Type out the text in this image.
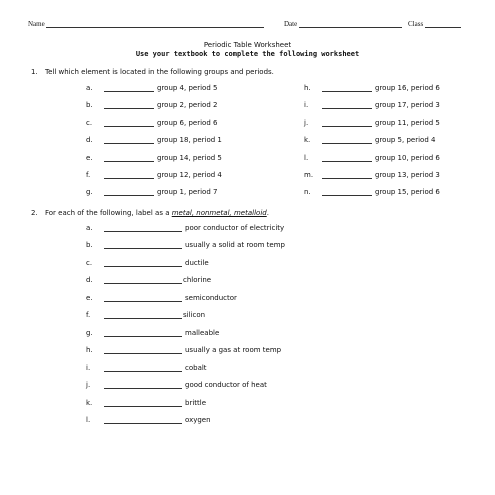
Name	Date	Class
Periodic Table Worksheet
Use your textbook to complete the following worksheet
1. Tell which element is located in the following groups and periods.
a.	group 4, period 5
b.	group 2, period 2
c.	group 6, period 6
d.	group 18, period 1
e.	group 14, period 5
f.	group 12, period 4
g.	group 1, period 7
h.	group 16, period 6
i.	group 17, period 3
j.	group 11, period 5
k.	group 5, period 4
l.	group 10, period 6
m.	group 13, period 3
n.	group 15, period 6
2. For each of the following, label as a metal, nonmetal, metalloid.
a.	poor conductor of electricity
b.	usually a solid at room temp
c.	ductile
d.	chlorine
e.	semiconductor
f.	silicon
g.	malleable
h.	usually a gas at room temp
i.	cobalt
j.	good conductor of heat
k.	brittle
l.	oxygen
